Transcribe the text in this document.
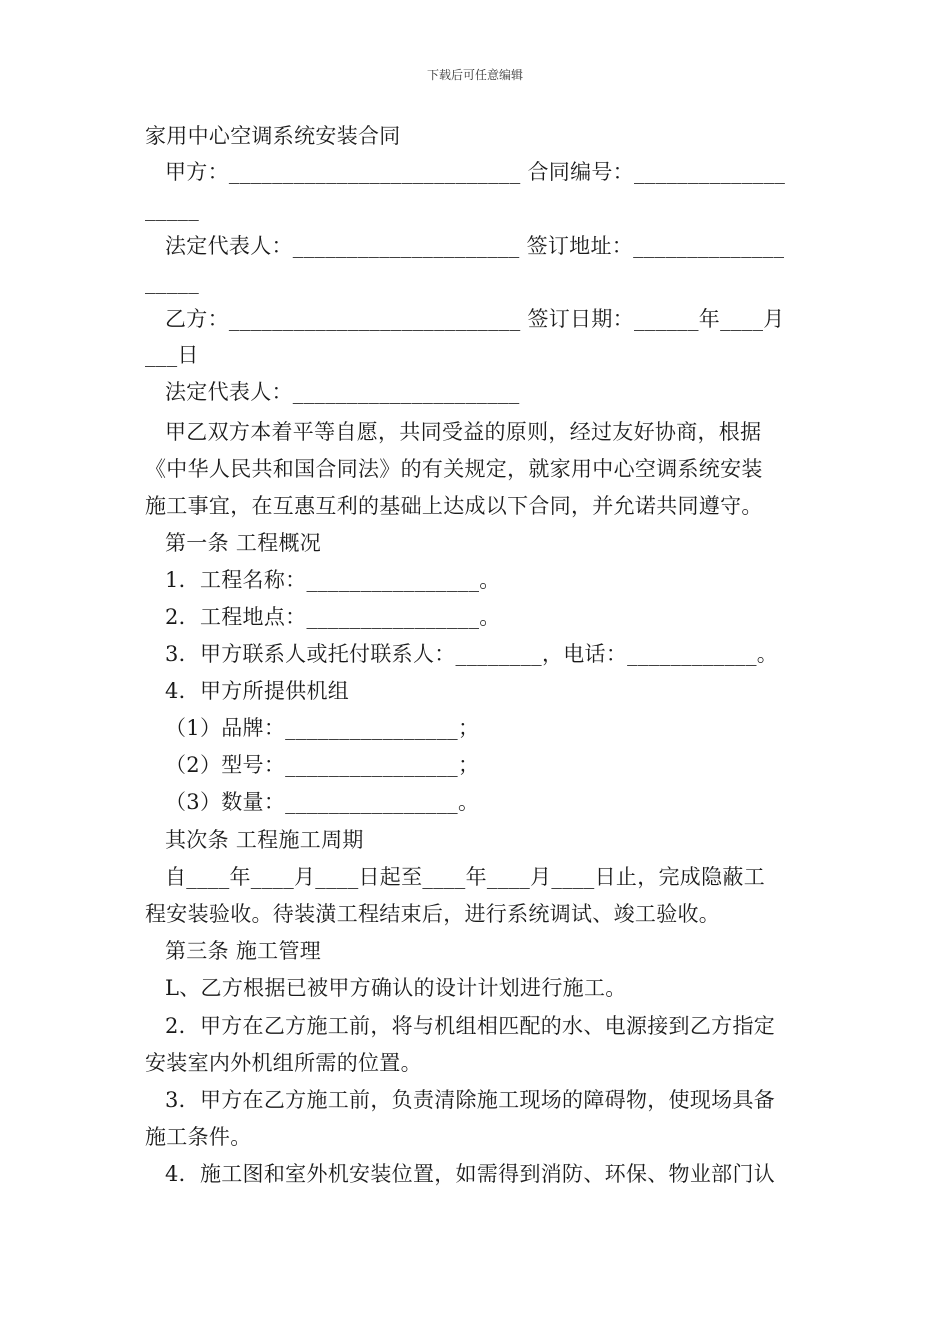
下载后可任意编辑
家用中心空调系统安装合同
甲方：___________________________ 合同编号：______________
_____
法定代表人：_____________________ 签订地址：______________
_____
乙方：___________________________ 签订日期：______年____月
___日
法定代表人：_____________________
甲乙双方本着平等自愿，共同受益的原则，经过友好协商，根据
《中华人民共和国合同法》的有关规定，就家用中心空调系统安装
施工事宜，在互惠互利的基础上达成以下合同，并允诺共同遵守。
第一条 工程概况
1．工程名称：________________。
2．工程地点：________________。
3．甲方联系人或托付联系人：________，电话：____________。
4．甲方所提供机组
（1）品牌：________________；
（2）型号：________________；
（3）数量：________________。
其次条 工程施工周期
自____年____月____日起至____年____月____日止，完成隐蔽工
程安装验收。待装潢工程结束后，进行系统调试、竣工验收。
第三条 施工管理
L、乙方根据已被甲方确认的设计计划进行施工。
2．甲方在乙方施工前，将与机组相匹配的水、电源接到乙方指定
安装室内外机组所需的位置。
3．甲方在乙方施工前，负责清除施工现场的障碍物，使现场具备
施工条件。
4．施工图和室外机安装位置，如需得到消防、环保、物业部门认
